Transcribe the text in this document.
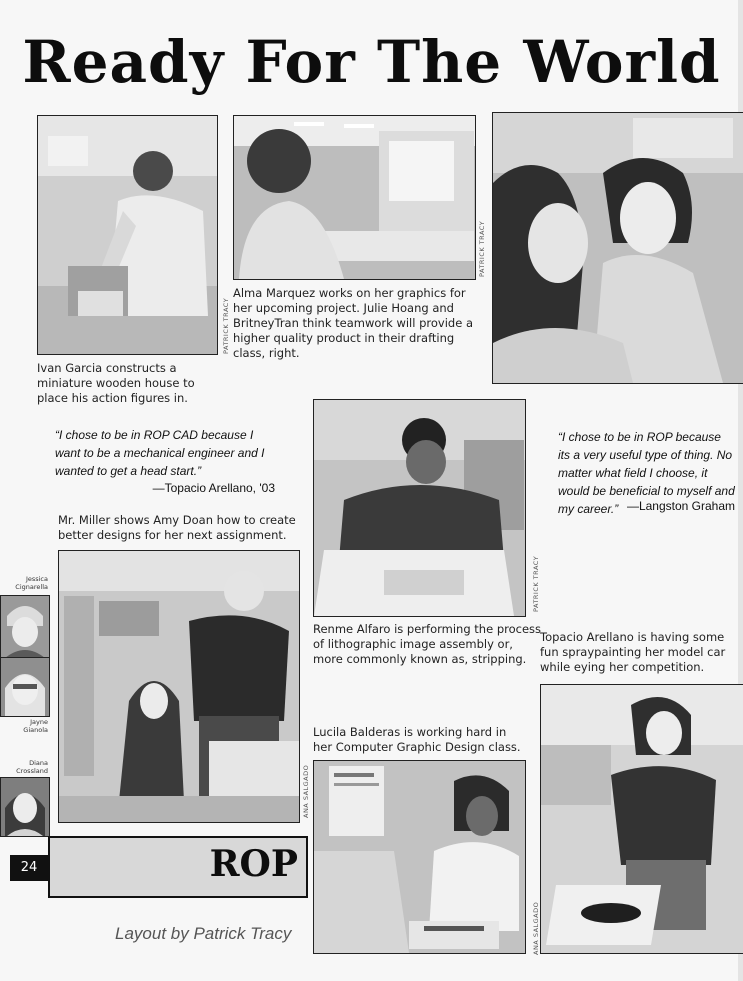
Ready For The World
PATRICK TRACY
PATRICK TRACY
Alma Marquez works on her graphics for her upcoming project. Julie Hoang and BritneyTran think teamwork will provide a higher quality product in their drafting class, right.
Ivan Garcia constructs a miniature wooden house to place his action figures in.
“I chose to be in ROP CAD because I want to be a mechanical engineer and I wanted to get a head start.”
—Topacio Arellano, '03
PATRICK TRACY
“I chose to be in ROP because its a very useful type of thing. No matter what field I choose, it would be beneficial to myself and my career.” —Langston Graham
Mr. Miller shows Amy Doan how to create better designs for her next assignment.
Jessica Cignarella
Jayne Gianola
Diana Crossland	ANA SALGADO
Renme Alfaro is performing the process of lithographic image assembly or, more commonly known as, stripping.
Topacio Arellano is having some fun spraypainting her model car while eying her competition.
ANA SALGADO
Lucila Balderas is working hard in her Computer Graphic Design class.
24	ROP
Layout by Patrick Tracy
